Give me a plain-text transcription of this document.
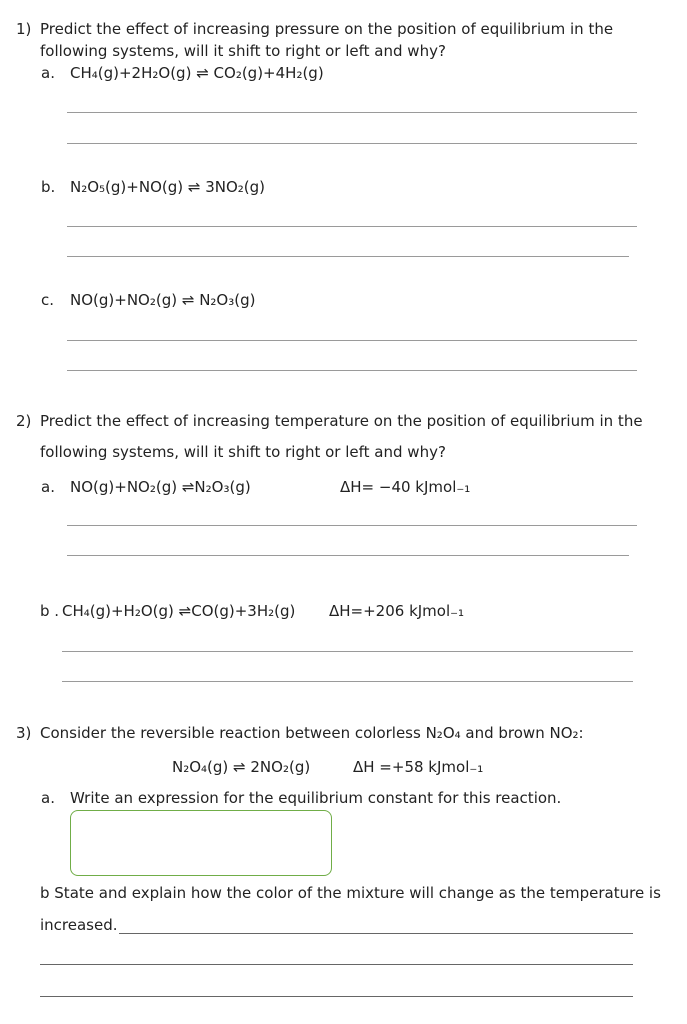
1) Predict the effect of increasing pressure on the position of equilibrium in the
following systems, will it shift to right or left and why?
a. CH₄(g)+2H₂O(g) ⇌ CO₂(g)+4H₂(g)
b. N₂O₅(g)+NO(g) ⇌ 3NO₂(g)
c. NO(g)+NO₂(g) ⇌ N₂O₃(g)
2) Predict the effect of increasing temperature on the position of equilibrium in the
following systems, will it shift to right or left and why?
a. NO(g)+NO₂(g) ⇌N₂O₃(g)	ΔH= −40 kJmol₋₁
b . CH₄(g)+H₂O(g) ⇌CO(g)+3H₂(g) ΔH=+206 kJmol₋₁
3) Consider the reversible reaction between colorless N₂O₄ and brown NO₂:
N₂O₄(g) ⇌ 2NO₂(g)	ΔH =+58 kJmol₋₁
a. Write an expression for the equilibrium constant for this reaction.
b State and explain how the color of the mixture will change as the temperature is
increased.
